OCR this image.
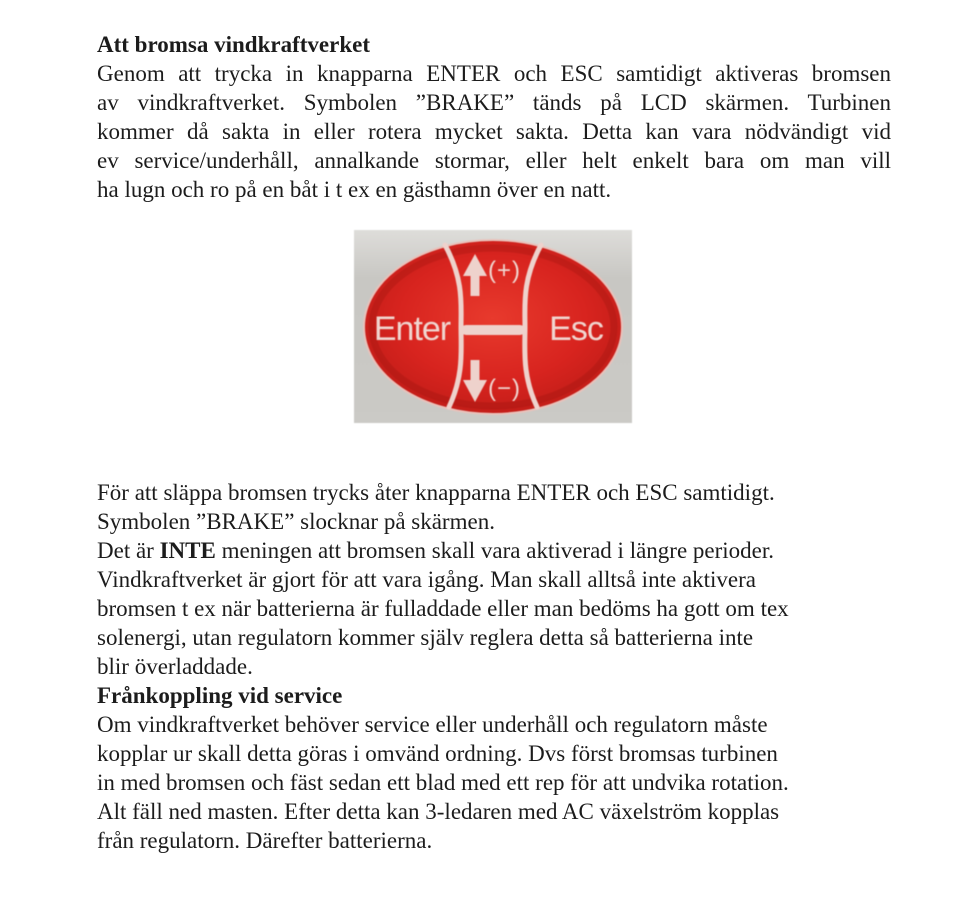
Att bromsa vindkraftverket
Genom att trycka in knapparna ENTER och ESC samtidigt aktiveras bromsen
av vindkraftverket. Symbolen ”BRAKE” tänds på LCD skärmen. Turbinen
kommer då sakta in eller rotera mycket sakta. Detta kan vara nödvändigt vid
ev service/underhåll, annalkande stormar, eller helt enkelt bara om man vill
ha lugn och ro på en båt i t ex en gästhamn över en natt.
(+)
(−)
Enter	Esc
För att släppa bromsen trycks åter knapparna ENTER och ESC samtidigt.
Symbolen ”BRAKE” slocknar på skärmen.
Det är INTE meningen att bromsen skall vara aktiverad i längre perioder.
Vindkraftverket är gjort för att vara igång. Man skall alltså inte aktivera
bromsen t ex när batterierna är fulladdade eller man bedöms ha gott om tex
solenergi, utan regulatorn kommer själv reglera detta så batterierna inte
blir överladdade.
Frånkoppling vid service
Om vindkraftverket behöver service eller underhåll och regulatorn måste
kopplar ur skall detta göras i omvänd ordning. Dvs först bromsas turbinen
in med bromsen och fäst sedan ett blad med ett rep för att undvika rotation.
Alt fäll ned masten. Efter detta kan 3-ledaren med AC växelström kopplas
från regulatorn. Därefter batterierna.
